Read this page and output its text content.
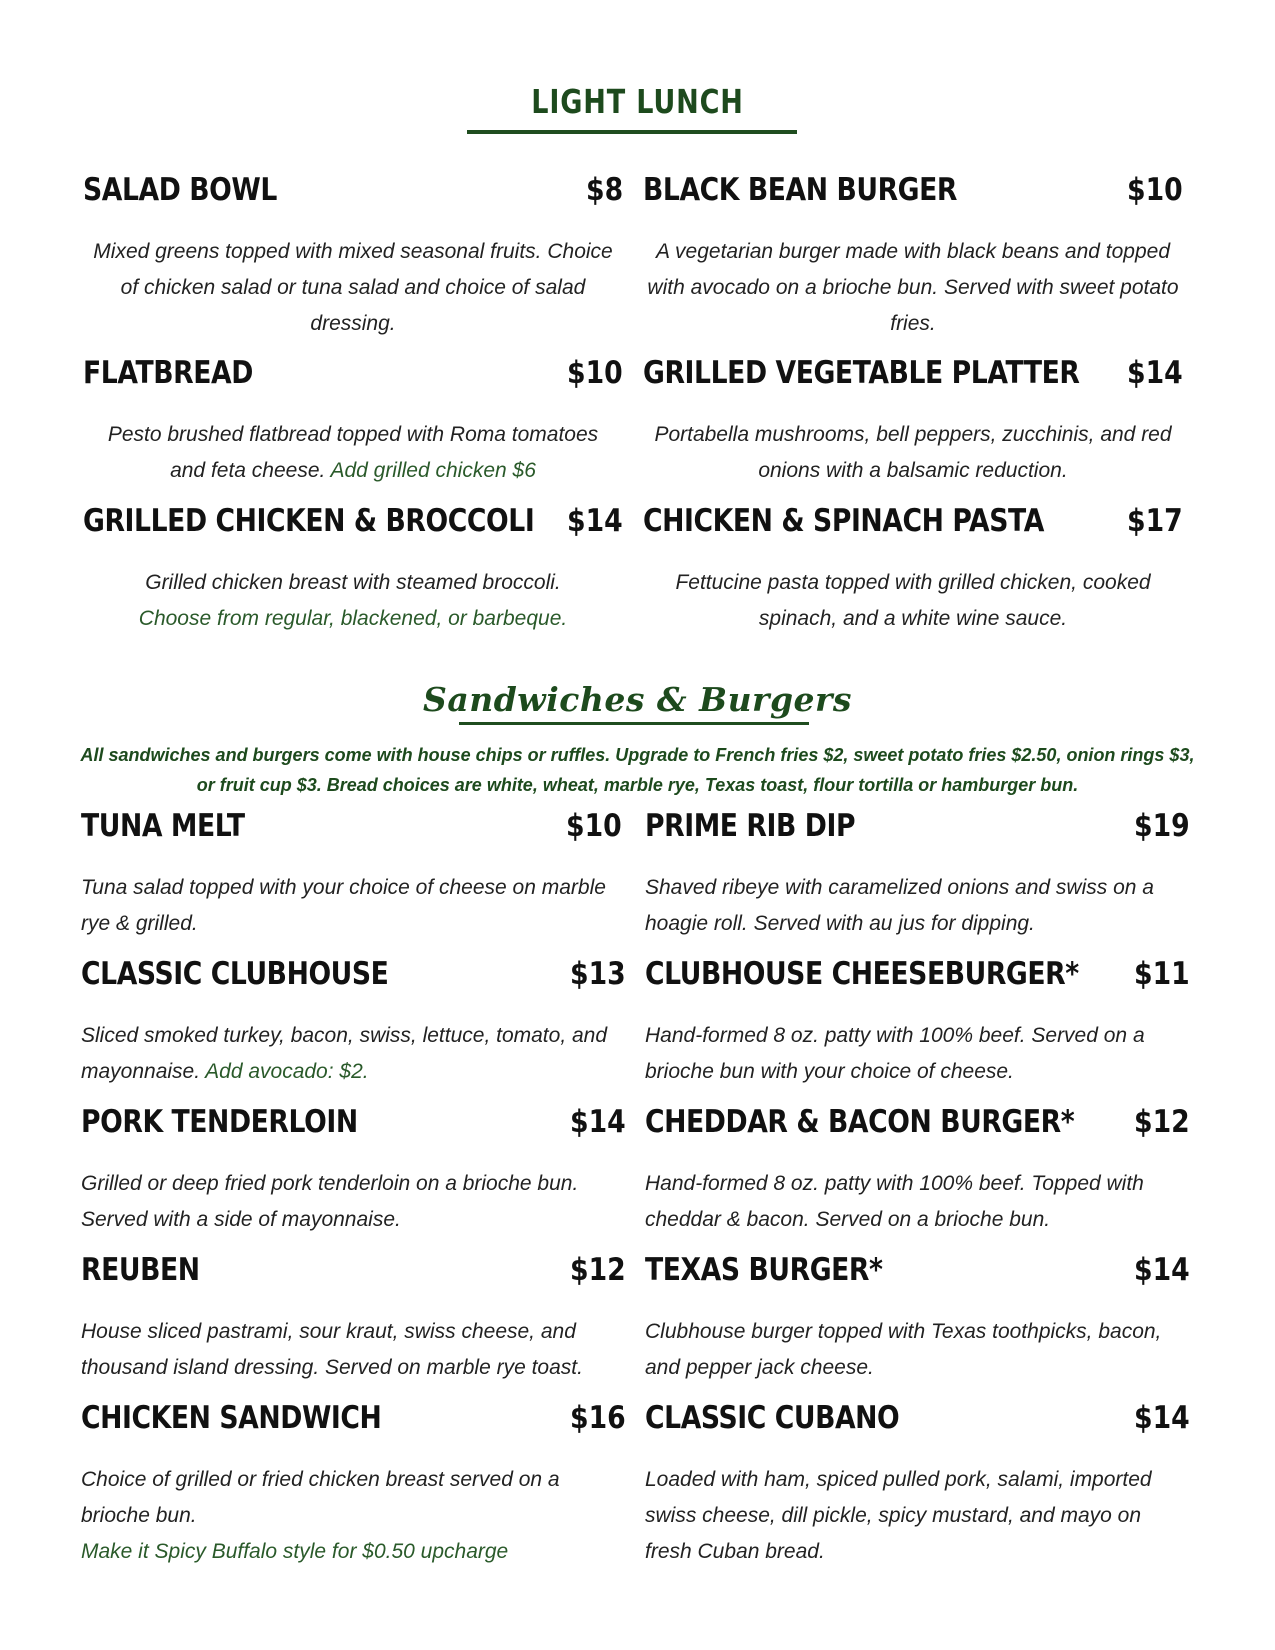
LIGHT LUNCH
SALAD BOWL	$8
Mixed greens topped with mixed seasonal fruits. Choice of chicken salad or tuna salad and choice of salad dressing.
BLACK BEAN BURGER	$10
A vegetarian burger made with black beans and topped with avocado on a brioche bun. Served with sweet potato fries.
FLATBREAD	$10
Pesto brushed flatbread topped with Roma tomatoes and feta cheese. Add grilled chicken $6
GRILLED VEGETABLE PLATTER $14
Portabella mushrooms, bell peppers, zucchinis, and red onions with a balsamic reduction.
GRILLED CHICKEN & BROCCOLI $14
Grilled chicken breast with steamed broccoli.
Choose from regular, blackened, or barbeque.
CHICKEN & SPINACH PASTA	$17
Fettucine pasta topped with grilled chicken, cooked spinach, and a white wine sauce.
Sandwiches & Burgers
All sandwiches and burgers come with house chips or ruffles. Upgrade to French fries $2, sweet potato fries $2.50, onion rings $3, or fruit cup $3. Bread choices are white, wheat, marble rye, Texas toast, flour tortilla or hamburger bun.
TUNA MELT	$10
Tuna salad topped with your choice of cheese on marble rye & grilled.
PRIME RIB DIP	$19
Shaved ribeye with caramelized onions and swiss on a hoagie roll. Served with au jus for dipping.
CLASSIC CLUBHOUSE	$13
Sliced smoked turkey, bacon, swiss, lettuce, tomato, and mayonnaise. Add avocado: $2.
CLUBHOUSE CHEESEBURGER* $11
Hand-formed 8 oz. patty with 100% beef. Served on a brioche bun with your choice of cheese.
PORK TENDERLOIN	$14
Grilled or deep fried pork tenderloin on a brioche bun. Served with a side of mayonnaise.
CHEDDAR & BACON BURGER* $12
Hand-formed 8 oz. patty with 100% beef. Topped with cheddar & bacon. Served on a brioche bun.
REUBEN	$12
House sliced pastrami, sour kraut, swiss cheese, and thousand island dressing. Served on marble rye toast.
TEXAS BURGER*	$14
Clubhouse burger topped with Texas toothpicks, bacon, and pepper jack cheese.
CHICKEN SANDWICH	$16
Choice of grilled or fried chicken breast served on a brioche bun.
Make it Spicy Buffalo style for $0.50 upcharge
CLASSIC CUBANO	$14
Loaded with ham, spiced pulled pork, salami, imported swiss cheese, dill pickle, spicy mustard, and mayo on fresh Cuban bread.
